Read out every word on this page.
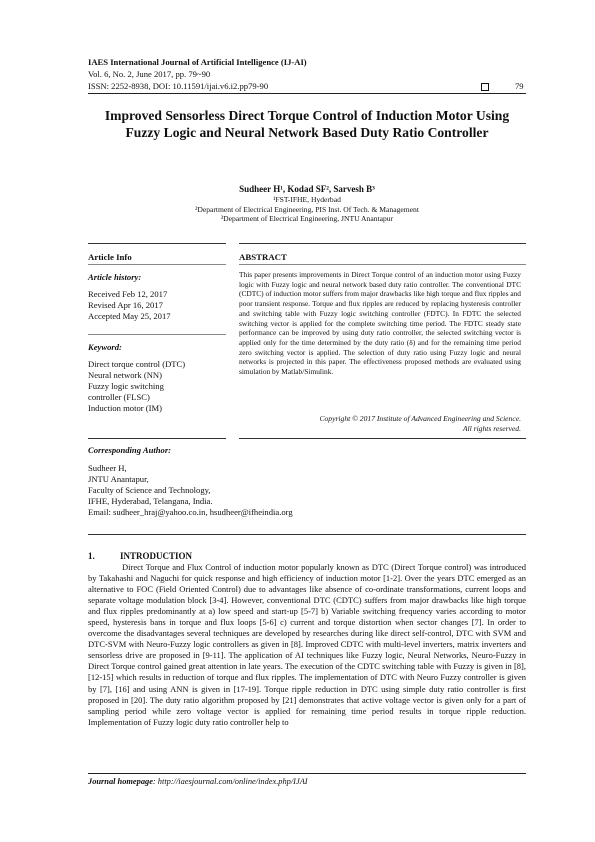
IAES International Journal of Artificial Intelligence (IJ-AI)
Vol. 6, No. 2, June 2017, pp. 79~90
ISSN: 2252-8938, DOI: 10.11591/ijai.v6.i2.pp79-90	79
Improved Sensorless Direct Torque Control of Induction Motor Using Fuzzy Logic and Neural Network Based Duty Ratio Controller
Sudheer H¹, Kodad SF², Sarvesh B³
¹FST-IFHE, Hyderbad
²Department of Electrical Engineering, PIS Inst. Of Tech. & Management
³Department of Electrical Engineering, JNTU Anantapur
Article Info	ABSTRACT
Article history:
Received Feb 12, 2017
Revised Apr 16, 2017
Accepted May 25, 2017
Keyword:
Direct torque control (DTC)
Neural network (NN)
Fuzzy logic switching
controller (FLSC)
Induction motor (IM)
This paper presents improvements in Direct Torque control of an induction motor using Fuzzy logic with Fuzzy logic and neural network based duty ratio controller. The conventional DTC (CDTC) of induction motor suffers from major drawbacks like high torque and flux ripples and poor transient response. Torque and flux ripples are reduced by replacing hysteresis controller and switching table with Fuzzy logic switching controller (FDTC). In FDTC the selected switching vector is applied for the complete switching time period. The FDTC steady state performance can be improved by using duty ratio controller, the selected switching vector is applied only for the time determined by the duty ratio (δ) and for the remaining time period zero switching vector is applied. The selection of duty ratio using Fuzzy logic and neural networks is projected in this paper. The effectiveness proposed methods are evaluated using simulation by Matlab/Simulink.
Copyright © 2017 Institute of Advanced Engineering and Science.
All rights reserved.
Corresponding Author:
Sudheer H,
JNTU Anantapur,
Faculty of Science and Technology,
IFHE, Hyderabad, Telangana, India.
Email: sudheer_hraj@yahoo.co.in, hsudheer@ifheindia.org
1.	INTRODUCTION
Direct Torque and Flux Control of induction motor popularly known as DTC (Direct Torque control) was introduced by Takahashi and Naguchi for quick response and high efficiency of induction motor [1-2]. Over the years DTC emerged as an alternative to FOC (Field Oriented Control) due to advantages like absence of co-ordinate transformations, current loops and separate voltage modulation block [3-4]. However, conventional DTC (CDTC) suffers from major drawbacks like high torque and flux ripples predominantly at a) low speed and start-up [5-7] b) Variable switching frequency varies according to motor speed, hysteresis bans in torque and flux loops [5-6] c) current and torque distortion when sector changes [7]. In order to overcome the disadvantages several techniques are developed by researches during like direct self-control, DTC with SVM and DTC-SVM with Neuro-Fuzzy logic controllers as given in [8]. Improved CDTC with multi-level inverters, matrix inverters and sensorless drive are proposed in [9-11]. The application of AI techniques like Fuzzy logic, Neural Networks, Neuro-Fuzzy in Direct Torque control gained great attention in late years. The execution of the CDTC switching table with Fuzzy is given in [8], [12-15] which results in reduction of torque and flux ripples. The implementation of DTC with Neuro Fuzzy controller is given by [7], [16] and using ANN is given in [17-19]. Torque ripple reduction in DTC using simple duty ratio controller is first proposed in [20]. The duty ratio algorithm proposed by [21] demonstrates that active voltage vector is given only for a part of sampling period while zero voltage vector is applied for remaining time period results in torque ripple reduction. Implementation of Fuzzy logic duty ratio controller help to
Journal homepage: http://iaesjournal.com/online/index.php/IJAI
